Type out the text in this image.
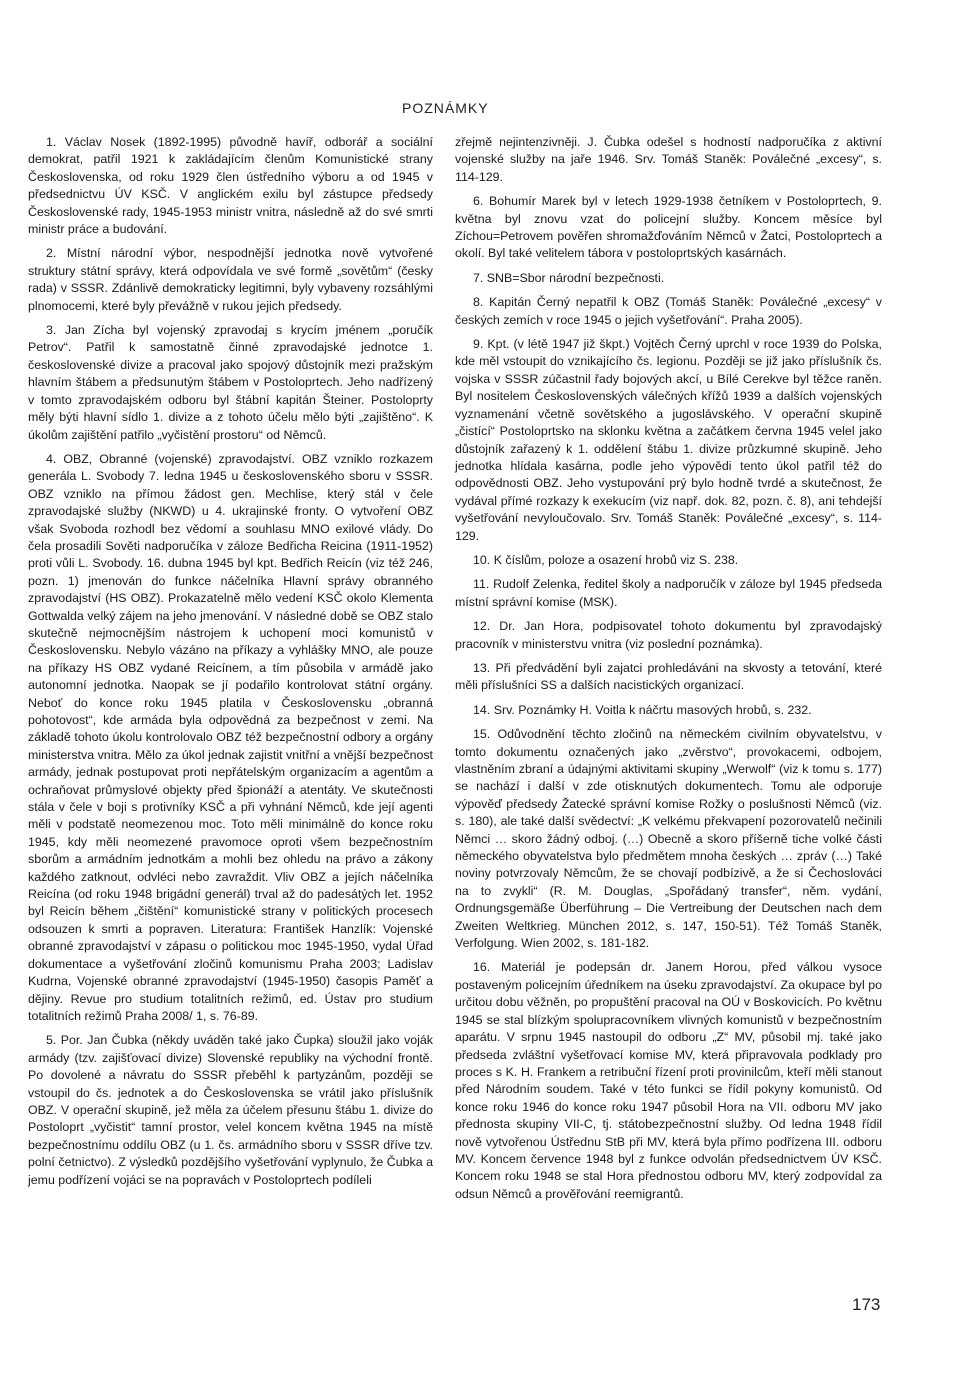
POZNÁMKY

1. Václav Nosek (1892-1995) původně havíř, odborář a sociální demokrat, patřil 1921 k zakládajícím členům Komunistické strany Československa, od roku 1929 člen ústředního výboru a od 1945 v předsednictvu ÚV KSČ. V anglickém exilu byl zástupce předsedy Československé rady, 1945-1953 ministr vnitra, následně až do své smrti ministr práce a budování.

2. Místní národní výbor, nespodnější jednotka nově vytvořené struktury státní správy, která odpovídala ve své formě „sovětům“ (česky rada) v SSSR. Zdánlivě demokraticky legitimni, byly vybaveny rozsáhlými plnomocemi, které byly převážně v rukou jejich předsedy.

3. Jan Zícha byl vojenský zpravodaj s krycím jménem „poručík Petrov“. Patřil k samostatně činné zpravodajské jednotce 1. československé divize a pracoval jako spojový důstojník mezi pražským hlavním štábem a předsunutým štábem v Postoloprtech. Jeho nadřízený v tomto zpravodajském odboru byl štábní kapitán Šteiner. Postoloprty měly býti hlavní sídlo 1. divize a z tohoto účelu mělo býti „zajištěno“. K úkolům zajištění patřilo „vyčistění prostoru“ od Němců.

4. OBZ, Obranné (vojenské) zpravodajství. OBZ vzniklo rozkazem generála L. Svobody 7. ledna 1945 u československého sboru v SSSR. OBZ vzniklo na přímou žádost gen. Mechlise, který stál v čele zpravodajské služby (NKWD) u 4. ukrajinské fronty. O vytvoření OBZ však Svoboda rozhodl bez vědomí a souhlasu MNO exilové vlády. Do čela prosadili Sověti nadporučíka v záloze Bedřicha Reicina (1911-1952) proti vůli L. Svobody. 16. dubna 1945 byl kpt. Bedřich Reicín (viz též 246, pozn. 1) jmenován do funkce náčelníka Hlavní správy obranného zpravodajství (HS OBZ). Prokazatelně mělo vedení KSČ okolo Klementa Gottwalda velký zájem na jeho jmenování. V následné době se OBZ stalo skutečně nejmocnějším nástrojem k uchopení moci komunistů v Československu. Nebylo vázáno na příkazy a vyhlášky MNO, ale pouze na příkazy HS OBZ vydané Reicínem, a tím působila v armádě jako autonomní jednotka. Naopak se jí podařilo kontrolovat státní orgány. Neboť do konce roku 1945 platila v Československu „obranná pohotovost“, kde armáda byla odpovědná za bezpečnost v zemi. Na základě tohoto úkolu kontrolovalo OBZ též bezpečnostní odbory a orgány ministerstva vnitra. Mělo za úkol jednak zajistit vnitřní a vnější bezpečnost armády, jednak postupovat proti nepřátelským organizacím a agentům a ochraňovat průmyslové objekty před špionáží a atentáty. Ve skutečnosti stála v čele v boji s protivníky KSČ a při vyhnání Němců, kde její agenti měli v podstatě neomezenou moc. Toto měli minimálně do konce roku 1945, kdy měli neomezené pravomoce oproti všem bezpečnostním sborům a armádním jednotkám a mohli bez ohledu na právo a zákony každého zatknout, odvléci nebo zavraždit. Vliv OBZ a jejích náčelníka Reicína (od roku 1948 brigádní generál) trval až do padesátých let. 1952 byl Reicín během „čištění“ komunistické strany v politických procesech odsouzen k smrti a popraven. Literatura: František Hanzlík: Vojenské obranné zpravodajství v zápasu o politickou moc 1945-1950, vydal Úřad dokumentace a vyšetřování zločinů komunismu Praha 2003; Ladislav Kudrna, Vojenské obranné zpravodajství (1945-1950) časopis Paměť a dějiny. Revue pro studium totalitních režimů, ed. Ústav pro studium totalitních režimů Praha 2008/ 1, s. 76-89.

5. Por. Jan Čubka (někdy uváděn také jako Čupka) sloužil jako voják armády (tzv. zajišťovací divize) Slovenské republiky na východní frontě. Po dovolené a návratu do SSSR přeběhl k partyzánům, později se vstoupil do čs. jednotek a do Československa se vrátil jako příslušník OBZ. V operační skupině, jež měla za účelem přesunu štábu 1. divize do Postoloprt „vyčistit“ tamní prostor, velel koncem května 1945 na místě bezpečnostnímu oddílu OBZ (u 1. čs. armádního sboru v SSSR dříve tzv. polní četnictvo). Z výsledků pozdějšího vyšetřování vyplynulo, že Čubka a jemu podřízení vojáci se na popravách v Postoloprtech podíleli

zřejmě nejintenzivněji. J. Čubka odešel s hodností nadporučíka z aktivní vojenské služby na jaře 1946. Srv. Tomáš Staněk: Poválečné „excesy“, s. 114-129.

6. Bohumír Marek byl v letech 1929-1938 četníkem v Postoloprtech, 9. května byl znovu vzat do policejní služby. Koncem měsíce byl Zíchou=Petrovem pověřen shromažďováním Němců v Žatci, Postoloprtech a okolí. Byl také velitelem tábora v postoloprtských kasárnách.

7. SNB=Sbor národní bezpečnosti.

8. Kapitán Černý nepatřil k OBZ (Tomáš Staněk: Poválečné „excesy“ v českých zemích v roce 1945 o jejich vyšetřování“. Praha 2005).

9. Kpt. (v létě 1947 již škpt.) Vojtěch Černý uprchl v roce 1939 do Polska, kde měl vstoupit do vznikajícího čs. legionu. Později se již jako příslušník čs. vojska v SSSR zúčastnil řady bojových akcí, u Bílé Cerekve byl těžce raněn. Byl nositelem Československých válečných křížů 1939 a dalších vojenských vyznamenání včetně sovětského a jugoslávského. V operační skupině „čistící“ Postoloprtsko na sklonku května a začátkem června 1945 velel jako důstojník zařazený k 1. oddělení štábu 1. divize průzkumné skupině. Jeho jednotka hlídala kasárna, podle jeho výpovědi tento úkol patřil též do odpovědnosti OBZ. Jeho vystupování prý bylo hodně tvrdé a skutečnost, že vydával přímé rozkazy k exekucím (viz např. dok. 82, pozn. č. 8), ani tehdejší vyšetřování nevyloučovalo. Srv. Tomáš Staněk: Poválečné „excesy“, s. 114-129.

10. K číslům, poloze a osazení hrobů viz S. 238.

11. Rudolf Zelenka, ředitel školy a nadporučík v záloze byl 1945 předseda místní správní komise (MSK).

12. Dr. Jan Hora, podpisovatel tohoto dokumentu byl zpravodajský pracovník v ministerstvu vnitra (viz poslední poznámka).

13. Při předvádění byli zajatci prohledáváni na skvosty a tetování, které měli příslušníci SS a dalších nacistických organizací.

14. Srv. Poznámky H. Voitla k náčrtu masových hrobů, s. 232.

15. Odůvodnění těchto zločinů na německém civilním obyvatelstvu, v tomto dokumentu označených jako „zvěrstvo“, provokacemi, odbojem, vlastněním zbraní a údajnými aktivitami skupiny „Werwolf“ (viz k tomu s. 177) se nachází i další v zde otisknutých dokumentech. Tomu ale odporuje výpověď předsedy Žatecké správní komise Rožky o poslušnosti Němců (viz. s. 180), ale také další svědectví: „K velkému překvapení pozorovatelů nečinili Němci … skoro žádný odboj. (…) Obecně a skoro příšerně tiche volké části německého obyvatelstva bylo předmětem mnoha českých … zpráv (…) Také noviny potvrzovaly Němcům, že se chovají podbízivě, a že si Čechoslováci na to zvykli“ (R. M. Douglas, „Spořádaný transfer“, něm. vydání, Ordnungsgemäße Überführung – Die Vertreibung der Deutschen nach dem Zweiten Weltkrieg. München 2012, s. 147, 150-51). Též Tomáš Staněk, Verfolgung. Wien 2002, s. 181-182.

16. Materiál je podepsán dr. Janem Horou, před válkou vysoce postaveným policejním úředníkem na úseku zpravodajství. Za okupace byl po určitou dobu věžněn, po propuštění pracoval na OÚ v Boskovicích. Po květnu 1945 se stal blízkým spolupracovníkem vlivných komunistů v bezpečnostním aparátu. V srpnu 1945 nastoupil do odboru „Z“ MV, působil mj. také jako předseda zvláštní vyšetřovací komise MV, která připravovala podklady pro proces s K. H. Frankem a retribuční řízení proti provinilcům, kteří měli stanout před Národním soudem. Také v této funkci se řídil pokyny komunistů. Od konce roku 1946 do konce roku 1947 působil Hora na VII. odboru MV jako přednosta skupiny VII-C, tj. státobezpečnostní služby. Od ledna 1948 řídil nově vytvořenou Ústřednu StB při MV, která byla přímo podřízena III. odboru MV. Koncem července 1948 byl z funkce odvolán předsednictvem ÚV KSČ. Koncem roku 1948 se stal Hora přednostou odboru MV, který zodpovídal za odsun Němců a prověřování reemigrantů.

173
